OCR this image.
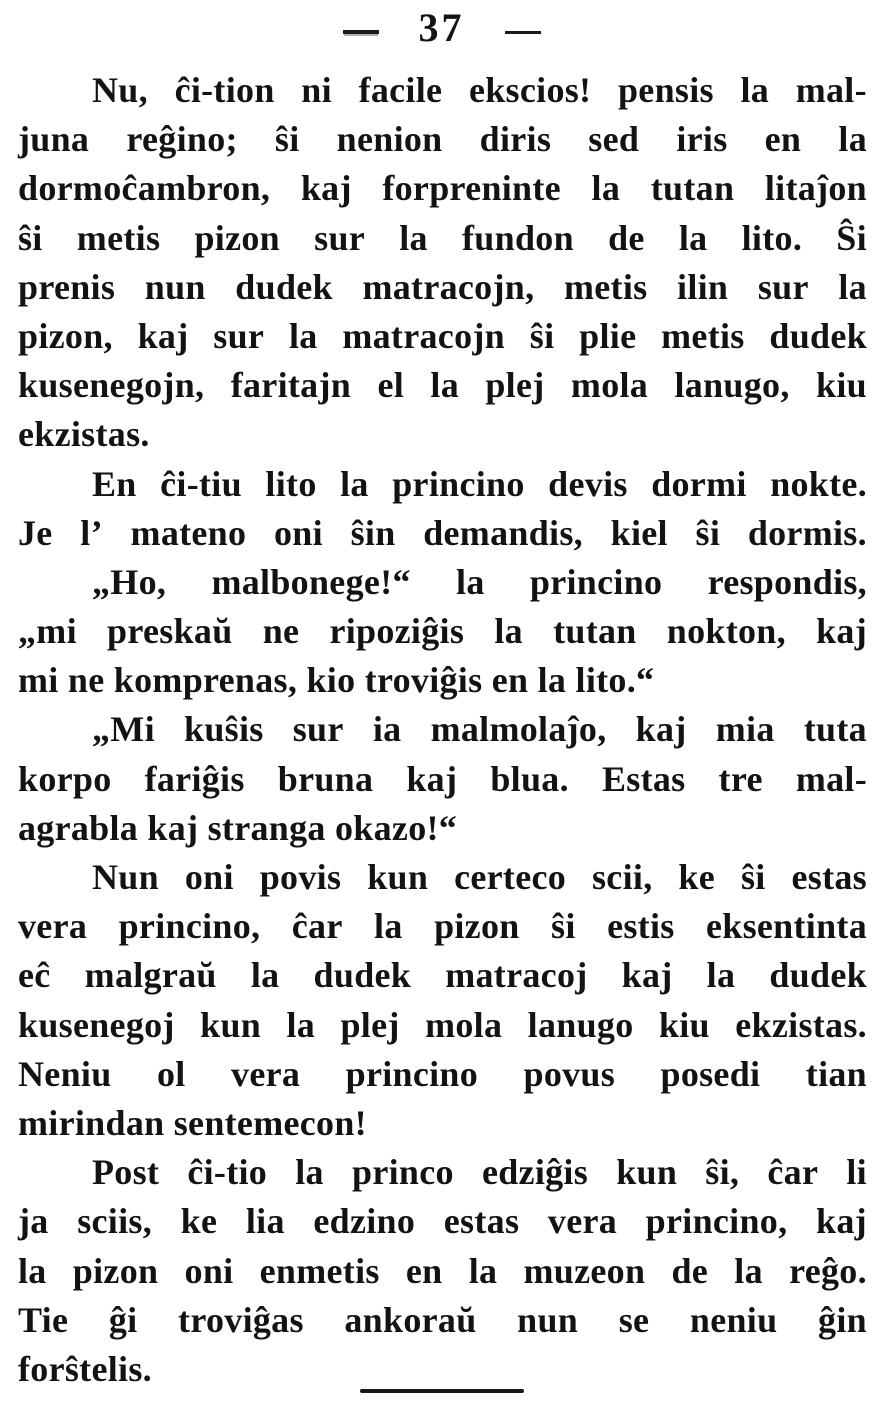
37
Nu, ĉi-tion ni facile ekscios! pensis la mal-
juna reĝino; ŝi nenion diris sed iris en la
dormoĉambron, kaj forpreninte la tutan litaĵon
ŝi metis pizon sur la fundon de la lito. Ŝi
prenis nun dudek matracojn, metis ilin sur la
pizon, kaj sur la matracojn ŝi plie metis dudek
kusenegojn, faritajn el la plej mola lanugo, kiu
ekzistas.
En ĉi-tiu lito la princino devis dormi nokte.
Je l’ mateno oni ŝin demandis, kiel ŝi dormis.
„Ho, malbonege!“ la princino respondis,
„mi preskaŭ ne ripoziĝis la tutan nokton, kaj
mi ne komprenas, kio troviĝis en la lito.“
„Mi kuŝis sur ia malmolaĵo, kaj mia tuta
korpo fariĝis bruna kaj blua. Estas tre mal-
agrabla kaj stranga okazo!“
Nun oni povis kun certeco scii, ke ŝi estas
vera princino, ĉar la pizon ŝi estis eksentinta
eĉ malgraŭ la dudek matracoj kaj la dudek
kusenegoj kun la plej mola lanugo kiu ekzistas.
Neniu ol vera princino povus posedi tian
mirindan sentemecon!
Post ĉi-tio la princo edziĝis kun ŝi, ĉar li
ja sciis, ke lia edzino estas vera princino, kaj
la pizon oni enmetis en la muzeon de la reĝo.
Tie ĝi troviĝas ankoraŭ nun se neniu ĝin
forŝtelis.
